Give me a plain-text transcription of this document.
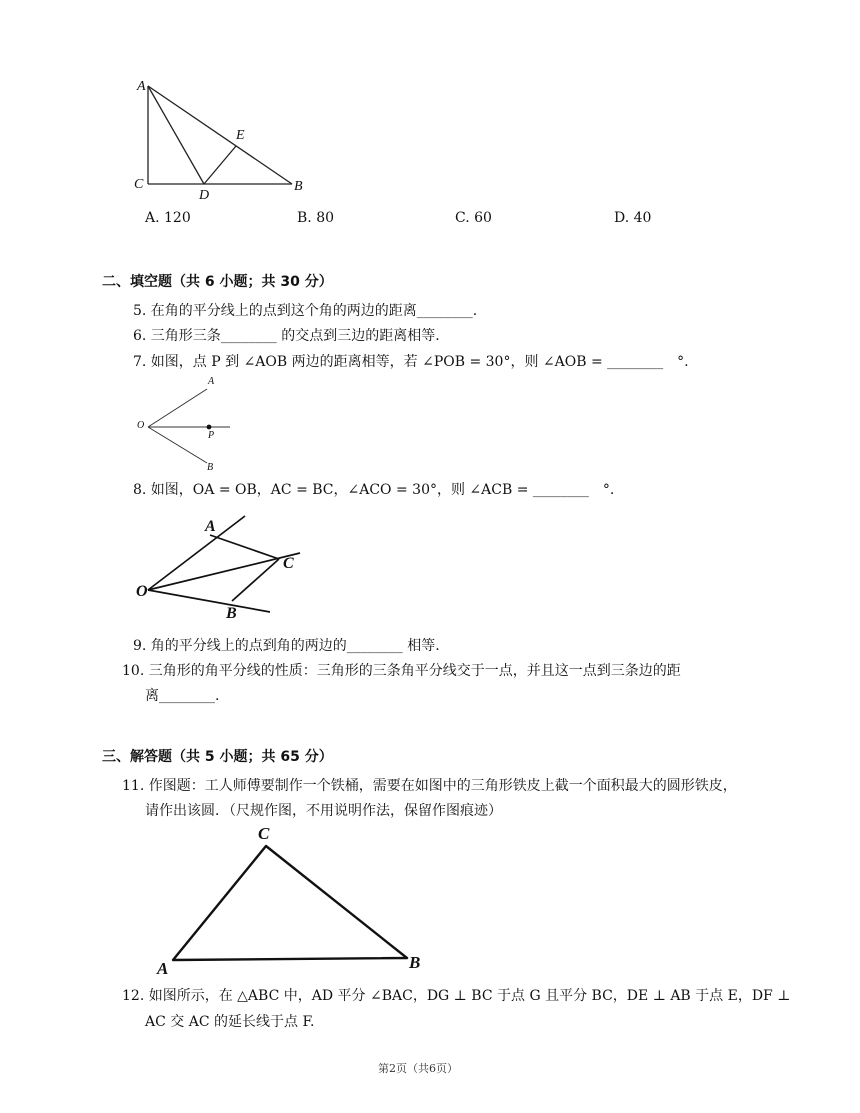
A
C
D
E
B
A. 120	B. 80	C. 60	D. 40
二、填空题（共 6 小题；共 30 分）
5. 在角的平分线上的点到这个角的两边的距离________.
6. 三角形三条________ 的交点到三边的距离相等.
7. 如图，点 P 到 ∠AOB 两边的距离相等，若 ∠POB = 30°，则 ∠AOB = ________　°.
O
A
P
B
8. 如图，OA = OB，AC = BC，∠ACO = 30°，则 ∠ACB = ________　°.
A
C
O
B
9. 角的平分线上的点到角的两边的________ 相等.
10. 三角形的角平分线的性质：三角形的三条角平分线交于一点，并且这一点到三条边的距
离________.
三、解答题（共 5 小题；共 65 分）
11. 作图题：工人师傅要制作一个铁桶，需要在如图中的三角形铁皮上截一个面积最大的圆形铁皮，
请作出该圆．（尺规作图，不用说明作法，保留作图痕迹）
C
A	B
12. 如图所示，在 △ABC 中，AD 平分 ∠BAC，DG ⊥ BC 于点 G 且平分 BC，DE ⊥ AB 于点 E，DF ⊥
AC 交 AC 的延长线于点 F.
第2页（共6页）
